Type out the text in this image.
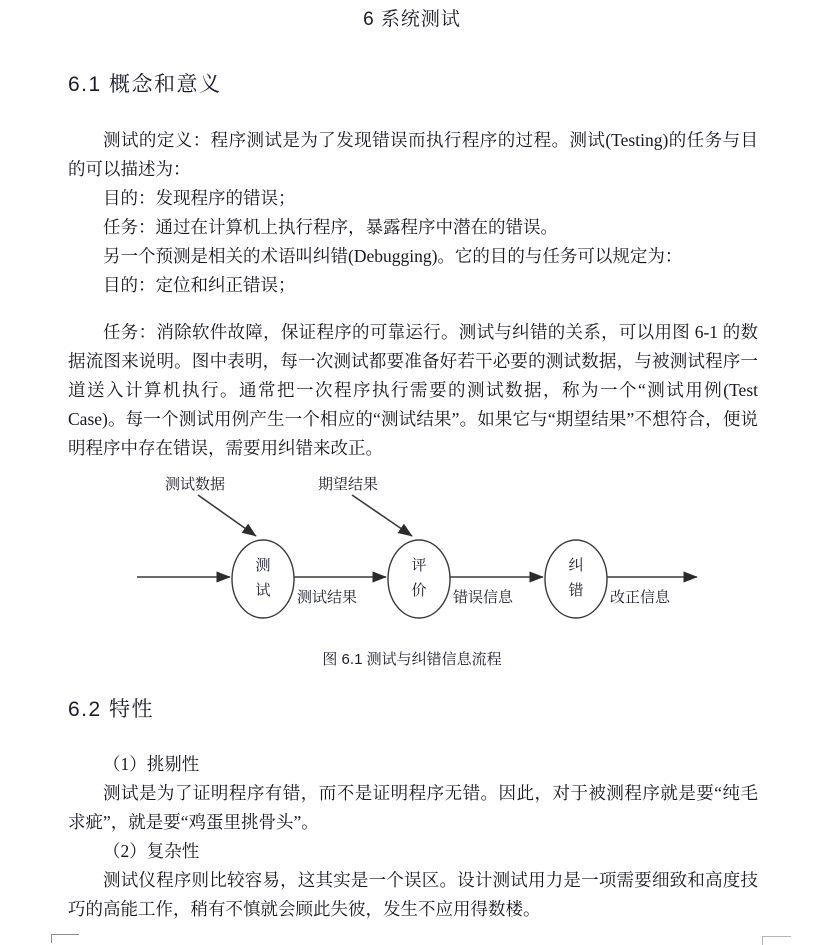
6 系统测试
6.1 概念和意义

测试的定义：程序测试是为了发现错误而执行程序的过程。测试(Testing)的任务与目的可以描述为：

目的：发现程序的错误；

任务：通过在计算机上执行程序，暴露程序中潜在的错误。

另一个预测是相关的术语叫纠错(Debugging)。它的目的与任务可以规定为：

目的：定位和纠正错误；

任务：消除软件故障，保证程序的可靠运行。测试与纠错的关系，可以用图 6-1 的数据流图来说明。图中表明，每一次测试都要准备好若干必要的测试数据，与被测试程序一道送入计算机执行。通常把一次程序执行需要的测试数据，称为一个“测试用例(Test Case)。每一个测试用例产生一个相应的“测试结果”。如果它与“期望结果”不想符合，便说明程序中存在错误，需要用纠错来改正。

测试数据	期望结果
测
试 测试结果
评
价 错误信息
纠
错 改正信息
图 6.1 测试与纠错信息流程
6.2 特性

（1）挑剔性

测试是为了证明程序有错，而不是证明程序无错。因此，对于被测程序就是要“纯毛求疵”，就是要“鸡蛋里挑骨头”。

（2）复杂性

测试仪程序则比较容易，这其实是一个误区。设计测试用力是一项需要细致和高度技巧的高能工作，稍有不慎就会顾此失彼，发生不应用得数楼。
